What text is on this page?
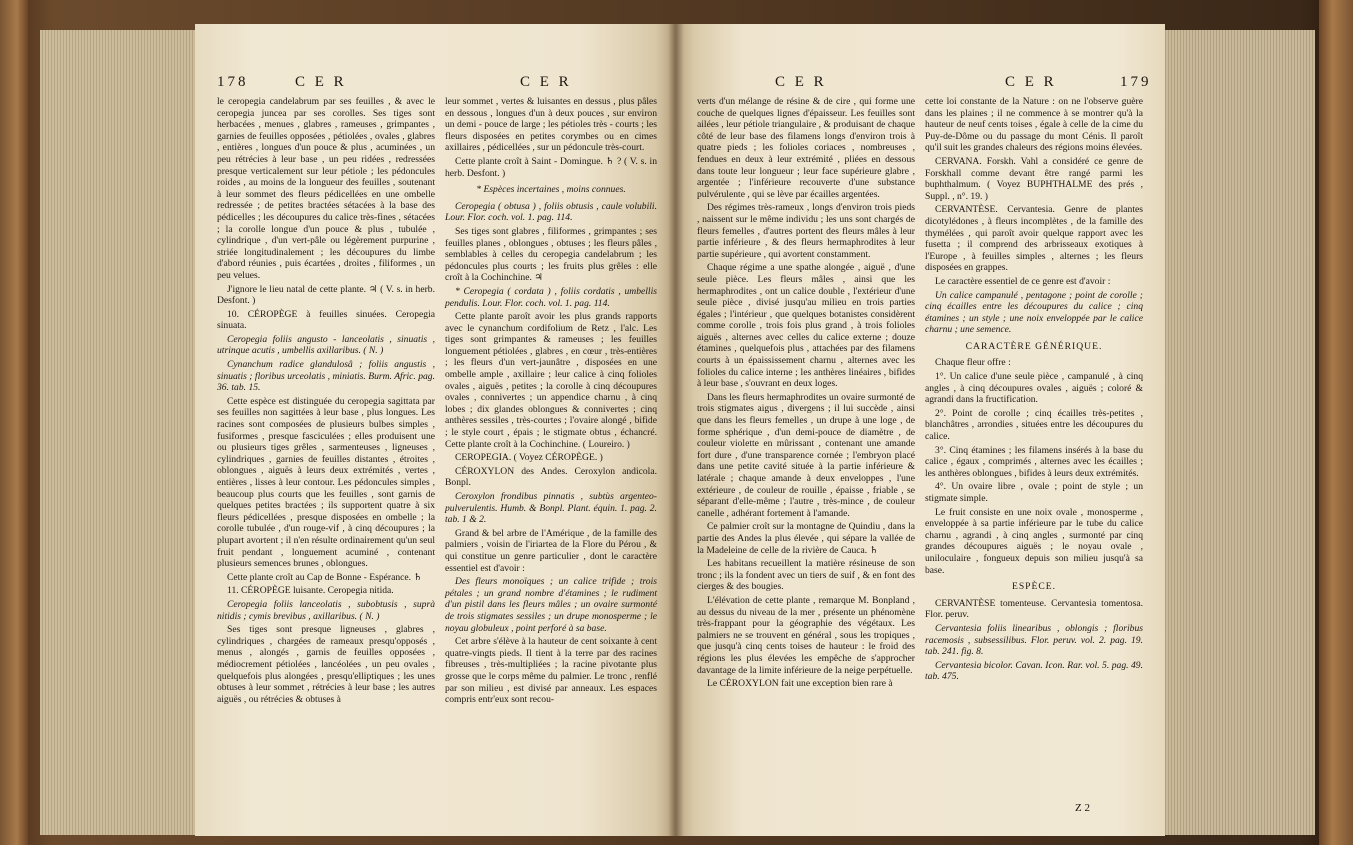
178	C E R	C E R

le ceropegia candelabrum par ses feuilles , & avec le ceropegia juncea par ses corolles. Ses tiges sont herbacées , menues , glabres , rameuses , grimpantes , garnies de feuilles opposées , pétiolées , ovales , glabres , entières , longues d'un pouce & plus , acuminées , un peu rétrécies à leur base , un peu ridées , redressées presque verticalement sur leur pétiole ; les pédoncules roides , au moins de la longueur des feuilles , soutenant à leur sommet des fleurs pédicellées en une ombelle redressée ; de petites bractées sétacées à la base des pédicelles ; les découpures du calice très-fines , sétacées ; la corolle longue d'un pouce & plus , tubulée , cylindrique , d'un vert-pâle ou légèrement purpurine , striée longitudinalement ; les découpures du limbe d'abord réunies , puis écartées , droites , filiformes , un peu velues.

J'ignore le lieu natal de cette plante. ♃ ( V. s. in herb. Desfont. )

10. CÉROPÈGE à feuilles sinuées. Ceropegia sinuata.

Ceropegia foliis angusto - lanceolatis , sinuatis , utrinque acutis , umbellis axillaribus. ( N. )

Cynanchum radice glandulosâ ; foliis angustis , sinuatis ; floribus urceolatis , miniatis. Burm. Afric. pag. 36. tab. 15.

Cette espèce est distinguée du ceropegia sagittata par ses feuilles non sagittées à leur base , plus longues. Les racines sont composées de plusieurs bulbes simples , fusiformes , presque fasciculées ; elles produisent une ou plusieurs tiges grêles , sarmenteuses , ligneuses , cylindriques , garnies de feuilles distantes , étroites , oblongues , aiguës à leurs deux extrémités , vertes , entières , lisses à leur contour. Les pédoncules simples , beaucoup plus courts que les feuilles , sont garnis de quelques petites bractées ; ils supportent quatre à six fleurs pédicellées , presque disposées en ombelle ; la corolle tubulée , d'un rouge-vif , à cinq découpures ; la plupart avortent ; il n'en résulte ordinairement qu'un seul fruit pendant , longuement acuminé , contenant plusieurs semences brunes , oblongues.

Cette plante croît au Cap de Bonne - Espérance. ♄

11. CÉROPÈGE luisante. Ceropegia nitida.

Ceropegia foliis lanceolatis , subobtusis , suprà nitidis ; cymis brevibus , axillaribus. ( N. )

Ses tiges sont presque ligneuses , glabres , cylindriques , chargées de rameaux presqu'opposés , menus , alongés , garnis de feuilles opposées , médiocrement pétiolées , lancéolées , un peu ovales , quelquefois plus alongées , presqu'elliptiques ; les unes obtuses à leur sommet , rétrécies à leur base ; les autres aiguës , ou rétrécies & obtuses à

leur sommet , vertes & luisantes en dessus , plus pâles en dessous , longues d'un à deux pouces , sur environ un demi - pouce de large ; les pétioles très - courts ; les fleurs disposées en petites corymbes ou en cimes axillaires , pédicellées , sur un pédoncule très-court.

Cette plante croît à Saint - Domingue. ♄ ? ( V. s. in herb. Desfont. )

* Espèces incertaines , moins connues.

Ceropegia ( obtusa ) , foliis obtusis , caule volubili. Lour. Flor. coch. vol. 1. pag. 114.

Ses tiges sont glabres , filiformes , grimpantes ; ses feuilles planes , oblongues , obtuses ; les fleurs pâles , semblables à celles du ceropegia candelabrum ; les pédoncules plus courts ; les fruits plus grêles : elle croît à la Cochinchine. ♃

* Ceropegia ( cordata ) , foliis cordatis , umbellis pendulis. Lour. Flor. coch. vol. 1. pag. 114.

Cette plante paroît avoir les plus grands rapports avec le cynanchum cordifolium de Retz , l'alc. Les tiges sont grimpantes & rameuses ; les feuilles longuement pétiolées , glabres , en cœur , très-entières ; les fleurs d'un vert-jaunâtre , disposées en une ombelle ample , axillaire ; leur calice à cinq folioles ovales , aiguës , petites ; la corolle à cinq découpures ovales , connivertes ; un appendice charnu , à cinq lobes ; dix glandes oblongues & connivertes ; cinq anthères sessiles , très-courtes ; l'ovaire alongé , bifide ; le style court , épais ; le stigmate obtus , échancré. Cette plante croît à la Cochinchine. ( Loureiro. )

CEROPEGIA. ( Voyez CÉROPÈGE. )

CÉROXYLON des Andes. Ceroxylon andicola. Bonpl.

Ceroxylon frondibus pinnatis , subtùs argenteo-pulverulentis. Humb. & Bonpl. Plant. équin. 1. pag. 2. tab. 1 & 2.

Grand & bel arbre de l'Amérique , de la famille des palmiers , voisin de l'iriartea de la Flore du Pérou , & qui constitue un genre particulier , dont le caractère essentiel est d'avoir :

Des fleurs monoïques ; un calice trifide ; trois pétales ; un grand nombre d'étamines ; le rudiment d'un pistil dans les fleurs mâles ; un ovaire surmonté de trois stigmates sessiles ; un drupe monosperme ; le noyau globuleux , point perforé à sa base.

Cet arbre s'élève à la hauteur de cent soixante à cent quatre-vingts pieds. Il tient à la terre par des racines fibreuses , très-multipliées ; la racine pivotante plus grosse que le corps même du palmier. Le tronc , renflé par son milieu , est divisé par anneaux. Les espaces compris entr'eux sont recou-

C E R	C E R	179

verts d'un mélange de résine & de cire , qui forme une couche de quelques lignes d'épaisseur. Les feuilles sont ailées , leur pétiole triangulaire , & produisant de chaque côté de leur base des filamens longs d'environ trois à quatre pieds ; les folioles coriaces , nombreuses , fendues en deux à leur extrémité , pliées en dessous dans toute leur longueur ; leur face supérieure glabre , argentée ; l'inférieure recouverte d'une substance pulvérulente , qui se lève par écailles argentées.

Des régimes très-rameux , longs d'environ trois pieds , naissent sur le même individu ; les uns sont chargés de fleurs femelles , d'autres portent des fleurs mâles à leur partie inférieure , & des fleurs hermaphrodites à leur partie supérieure , qui avortent constamment.

Chaque régime a une spathe alongée , aiguë , d'une seule pièce. Les fleurs mâles , ainsi que les hermaphrodites , ont un calice double , l'extérieur d'une seule pièce , divisé jusqu'au milieu en trois parties égales ; l'intérieur , que quelques botanistes considèrent comme corolle , trois fois plus grand , à trois folioles aiguës , alternes avec celles du calice externe ; douze étamines , quelquefois plus , attachées par des filamens courts à un épaississement charnu , alternes avec les folioles du calice interne ; les anthères linéaires , bifides à leur base , s'ouvrant en deux loges.

Dans les fleurs hermaphrodites un ovaire surmonté de trois stigmates aigus , divergens ; il lui succède , ainsi que dans les fleurs femelles , un drupe à une loge , de forme sphérique , d'un demi-pouce de diamètre , de couleur violette en mûrissant , contenant une amande fort dure , d'une transparence cornée ; l'embryon placé dans une petite cavité située à la partie inférieure & latérale ; chaque amande à deux enveloppes , l'une extérieure , de couleur de rouille , épaisse , friable , se séparant d'elle-même ; l'autre , très-mince , de couleur canelle , adhérant fortement à l'amande.

Ce palmier croît sur la montagne de Quindiu , dans la partie des Andes la plus élevée , qui sépare la vallée de la Madeleine de celle de la rivière de Cauca. ♄

Les habitans recueillent la matière résineuse de son tronc ; ils la fondent avec un tiers de suif , & en font des cierges & des bougies.

L'élévation de cette plante , remarque M. Bonpland , au dessus du niveau de la mer , présente un phénomène très-frappant pour la géographie des végétaux. Les palmiers ne se trouvent en général , sous les tropiques , que jusqu'à cinq cents toises de hauteur : le froid des régions les plus élevées les empêche de s'approcher davantage de la limite inférieure de la neige perpétuelle.

Le CÉROXYLON fait une exception bien rare à

cette loi constante de la Nature : on ne l'observe guère dans les plaines ; il ne commence à se montrer qu'à la hauteur de neuf cents toises , égale à celle de la cime du Puy-de-Dôme ou du passage du mont Cénis. Il paroît qu'il suit les grandes chaleurs des régions moins élevées.

CERVANA. Forskh. Vahl a considéré ce genre de Forskhall comme devant être rangé parmi les buphthalmum. ( Voyez BUPHTHALME des prés , Suppl. , n°. 19. )

CERVANTÈSE. Cervantesia. Genre de plantes dicotylédones , à fleurs incomplètes , de la famille des thymélées , qui paroît avoir quelque rapport avec les fusetta ; il comprend des arbrisseaux exotiques à l'Europe , à feuilles simples , alternes ; les fleurs disposées en grappes.

Le caractère essentiel de ce genre est d'avoir :

Un calice campanulé , pentagone ; point de corolle ; cinq écailles entre les découpures du calice ; cinq étamines ; un style ; une noix enveloppée par le calice charnu ; une semence.

CARACTÈRE GÉNÉRIQUE.

Chaque fleur offre :

1°. Un calice d'une seule pièce , campanulé , à cinq angles , à cinq découpures ovales , aiguës ; coloré & agrandi dans la fructification.

2°. Point de corolle ; cinq écailles très-petites , blanchâtres , arrondies , situées entre les découpures du calice.

3°. Cinq étamines ; les filamens insérés à la base du calice , égaux , comprimés , alternes avec les écailles ; les anthères oblongues , bifides à leurs deux extrémités.

4°. Un ovaire libre , ovale ; point de style ; un stigmate simple.

Le fruit consiste en une noix ovale , monosperme , enveloppée à sa partie inférieure par le tube du calice charnu , agrandi , à cinq angles , surmonté par cinq grandes découpures aiguës ; le noyau ovale , uniloculaire , fongueux depuis son milieu jusqu'à sa base.

ESPÈCE.

CERVANTÈSE tomenteuse. Cervantesia tomentosa. Flor. peruv.

Cervantesia foliis linearibus , oblongis ; floribus racemosis , subsessilibus. Flor. peruv. vol. 2. pag. 19. tab. 241. fig. 8.

Cervantesia bicolor. Cavan. Icon. Rar. vol. 5. pag. 49. tab. 475.

Z 2
